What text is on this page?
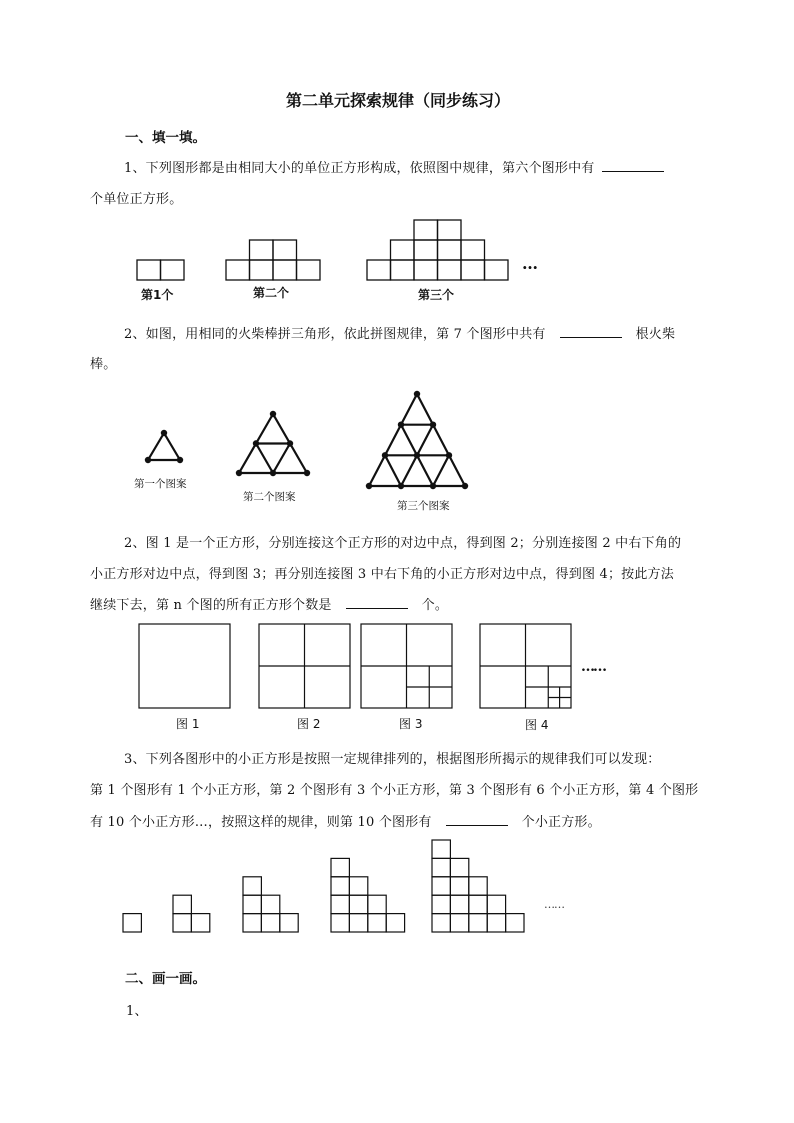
第二单元探索规律（同步练习）
一、填一填。
1、下列图形都是由相同大小的单位正方形构成，依照图中规律，第六个图形中有
个单位正方形。
第1个	第二个	第三个
…
2、如图，用相同的火柴棒拼三角形，依此拼图规律，第 7 个图形中共有	根火柴
棒。
第一个图案
第二个图案
第三个图案
2、图 1 是一个正方形，分别连接这个正方形的对边中点，得到图 2；分别连接图 2 中右下角的
小正方形对边中点，得到图 3；再分别连接图 3 中右下角的小正方形对边中点，得到图 4；按此方法
继续下去，第 n 个图的所有正方形个数是	个。
图 1	图 2	图 3	图 4
……
3、下列各图形中的小正方形是按照一定规律排列的，根据图形所揭示的规律我们可以发现：
第 1 个图形有 1 个小正方形，第 2 个图形有 3 个小正方形，第 3 个图形有 6 个小正方形，第 4 个图形
有 10 个小正方形…，按照这样的规律，则第 10 个图形有	个小正方形。
……
二、画一画。
1、
